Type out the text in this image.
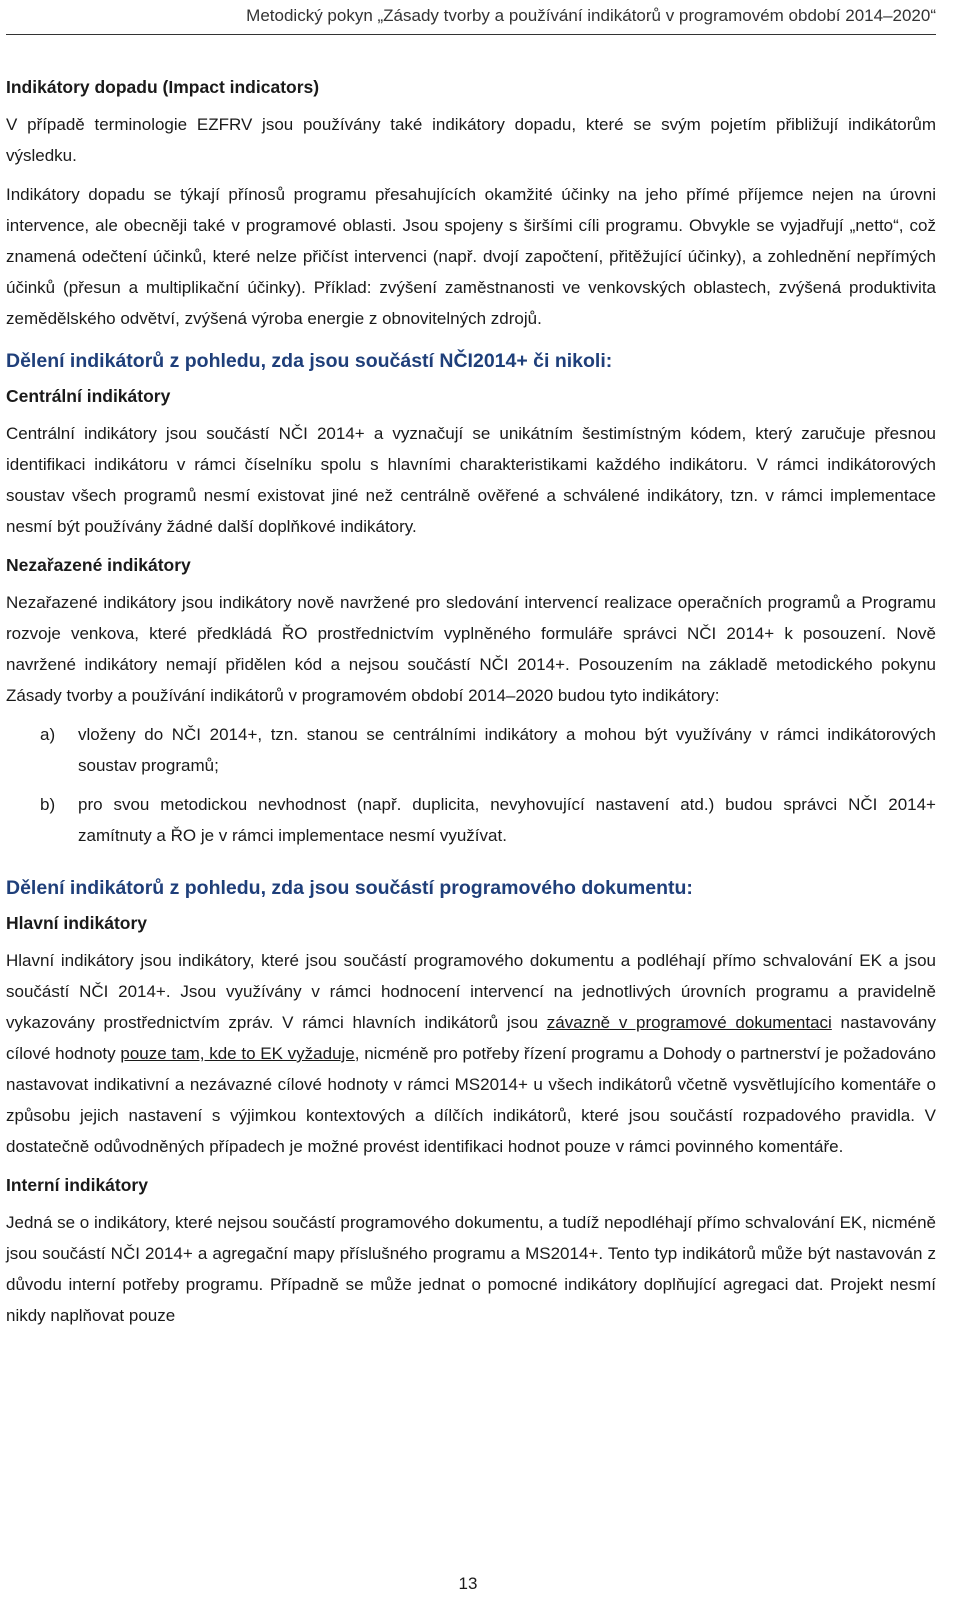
Metodický pokyn „Zásady tvorby a používání indikátorů v programovém období 2014–2020“
Indikátory dopadu (Impact indicators)

V případě terminologie EZFRV jsou používány také indikátory dopadu, které se svým pojetím přibližují indikátorům výsledku.

Indikátory dopadu se týkají přínosů programu přesahujících okamžité účinky na jeho přímé příjemce nejen na úrovni intervence, ale obecněji také v programové oblasti. Jsou spojeny s širšími cíli programu. Obvykle se vyjadřují „netto“, což znamená odečtení účinků, které nelze přičíst intervenci (např. dvojí započtení, přitěžující účinky), a zohlednění nepřímých účinků (přesun a multiplikační účinky). Příklad: zvýšení zaměstnanosti ve venkovských oblastech, zvýšená produktivita zemědělského odvětví, zvýšená výroba energie z obnovitelných zdrojů.

Dělení indikátorů z pohledu, zda jsou součástí NČI2014+ či nikoli:
Centrální indikátory

Centrální indikátory jsou součástí NČI 2014+ a vyznačují se unikátním šestimístným kódem, který zaručuje přesnou identifikaci indikátoru v rámci číselníku spolu s hlavními charakteristikami každého indikátoru. V rámci indikátorových soustav všech programů nesmí existovat jiné než centrálně ověřené a schválené indikátory, tzn. v rámci implementace nesmí být používány žádné další doplňkové indikátory.

Nezařazené indikátory

Nezařazené indikátory jsou indikátory nově navržené pro sledování intervencí realizace operačních programů a Programu rozvoje venkova, které předkládá ŘO prostřednictvím vyplněného formuláře správci NČI 2014+ k posouzení. Nově navržené indikátory nemají přidělen kód a nejsou součástí NČI 2014+. Posouzením na základě metodického pokynu Zásady tvorby a používání indikátorů v programovém období 2014–2020 budou tyto indikátory:

a)	vloženy do NČI 2014+, tzn. stanou se centrálními indikátory a mohou být využívány v rámci indikátorových soustav programů;
b)	pro svou metodickou nevhodnost (např. duplicita, nevyhovující nastavení atd.) budou správci NČI 2014+ zamítnuty a ŘO je v rámci implementace nesmí využívat.
Dělení indikátorů z pohledu, zda jsou součástí programového dokumentu:
Hlavní indikátory

Hlavní indikátory jsou indikátory, které jsou součástí programového dokumentu a podléhají přímo schvalování EK a jsou součástí NČI 2014+. Jsou využívány v rámci hodnocení intervencí na jednotlivých úrovních programu a pravidelně vykazovány prostřednictvím zpráv. V rámci hlavních indikátorů jsou závazně v programové dokumentaci nastavovány cílové hodnoty pouze tam, kde to EK vyžaduje, nicméně pro potřeby řízení programu a Dohody o partnerství je požadováno nastavovat indikativní a nezávazné cílové hodnoty v rámci MS2014+ u všech indikátorů včetně vysvětlujícího komentáře o způsobu jejich nastavení s výjimkou kontextových a dílčích indikátorů, které jsou součástí rozpadového pravidla. V dostatečně odůvodněných případech je možné provést identifikaci hodnot pouze v rámci povinného komentáře.

Interní indikátory

Jedná se o indikátory, které nejsou součástí programového dokumentu, a tudíž nepodléhají přímo schvalování EK, nicméně jsou součástí NČI 2014+ a agregační mapy příslušného programu a MS2014+. Tento typ indikátorů může být nastavován z důvodu interní potřeby programu. Případně se může jednat o pomocné indikátory doplňující agregaci dat. Projekt nesmí nikdy naplňovat pouze

13
